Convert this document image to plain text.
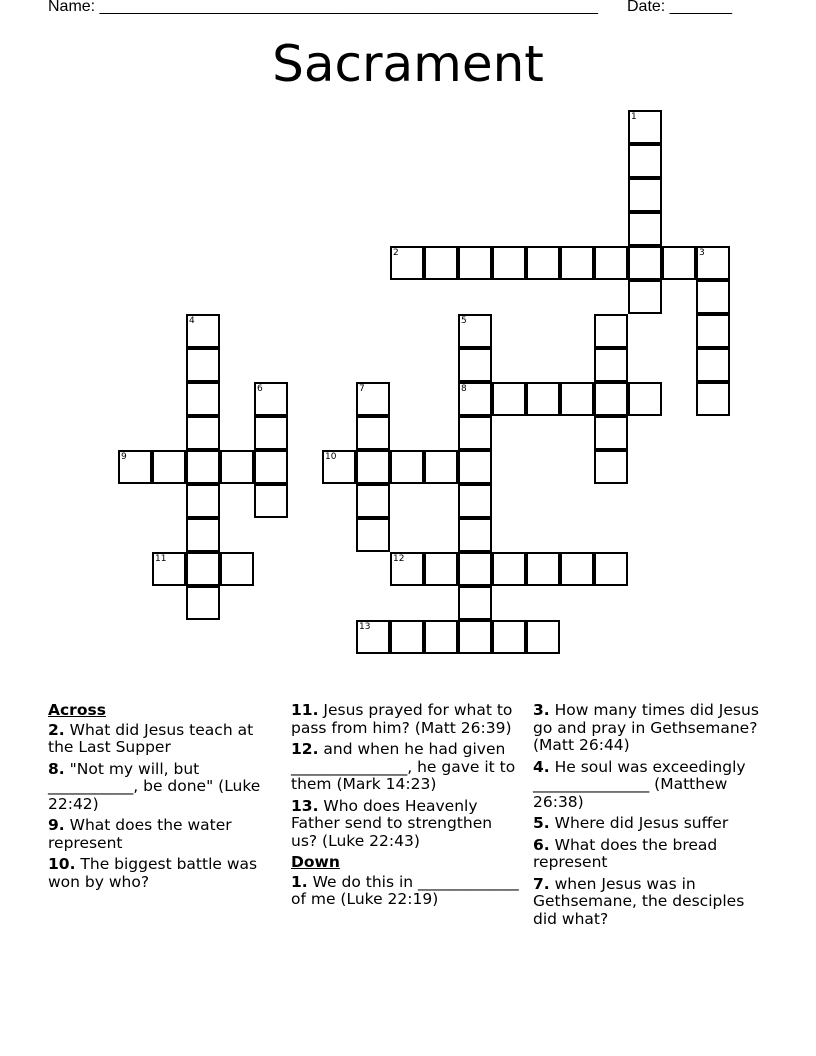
Name: ________________________________________________________ Date: _______
Sacrament
1
2	3
4	5
6	7	8
9	10
11	12
13
Across
2. What did Jesus teach at the Last Supper
8. "Not my will, but ___________, be done" (Luke 22:42)
9. What does the water represent
10. The biggest battle was won by who?
11. Jesus prayed for what to pass from him? (Matt 26:39)
12. and when he had given _______________, he gave it to them (Mark 14:23)
13. Who does Heavenly Father send to strengthen us? (Luke 22:43)
Down
1. We do this in _____________ of me (Luke 22:19)
3. How many times did Jesus go and pray in Gethsemane? (Matt 26:44)
4. He soul was exceedingly _______________ (Matthew 26:38)
5. Where did Jesus suffer
6. What does the bread represent
7. when Jesus was in Gethsemane, the desciples did what?
